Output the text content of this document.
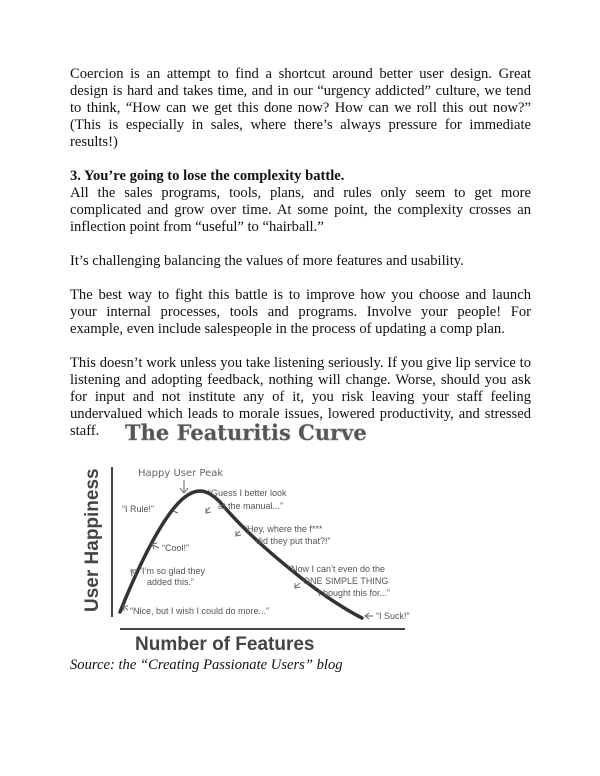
Coercion is an attempt to find a shortcut around better user design. Great design is hard and takes time, and in our “urgency addicted” culture, we tend to think, “How can we get this done now? How can we roll this out now?” (This is especially in sales, where there’s always pressure for immediate results!)

3. You’re going to lose the complexity battle.

All the sales programs, tools, plans, and rules only seem to get more complicated and grow over time. At some point, the complexity crosses an inflection point from “useful” to “hairball.”

It’s challenging balancing the values of more features and usability.

The best way to fight this battle is to improve how you choose and launch your internal processes, tools and programs. Involve your people! For example, even include salespeople in the process of updating a comp plan.

This doesn’t work unless you take listening seriously. If you give lip service to listening and adopting feedback, nothing will change. Worse, should you ask for input and not institute any of it, you risk leaving your staff feeling undervalued which leads to morale issues, lowered productivity, and stressed staff.	The Featuritis Curve
User Happiness
Number of Features
Happy User Peak
“Nice, but I wish I could do more...”
“I’m so glad they
added this.”
“Cool!”
“I Rule!”
“Guess I better look
at the manual...”
“Hey, where the f***
did they put that?!”
“Now I can’t even do the
ONE SIMPLE THING
I bought this for...”
“I Suck!”
Source: the “Creating Passionate Users” blog
